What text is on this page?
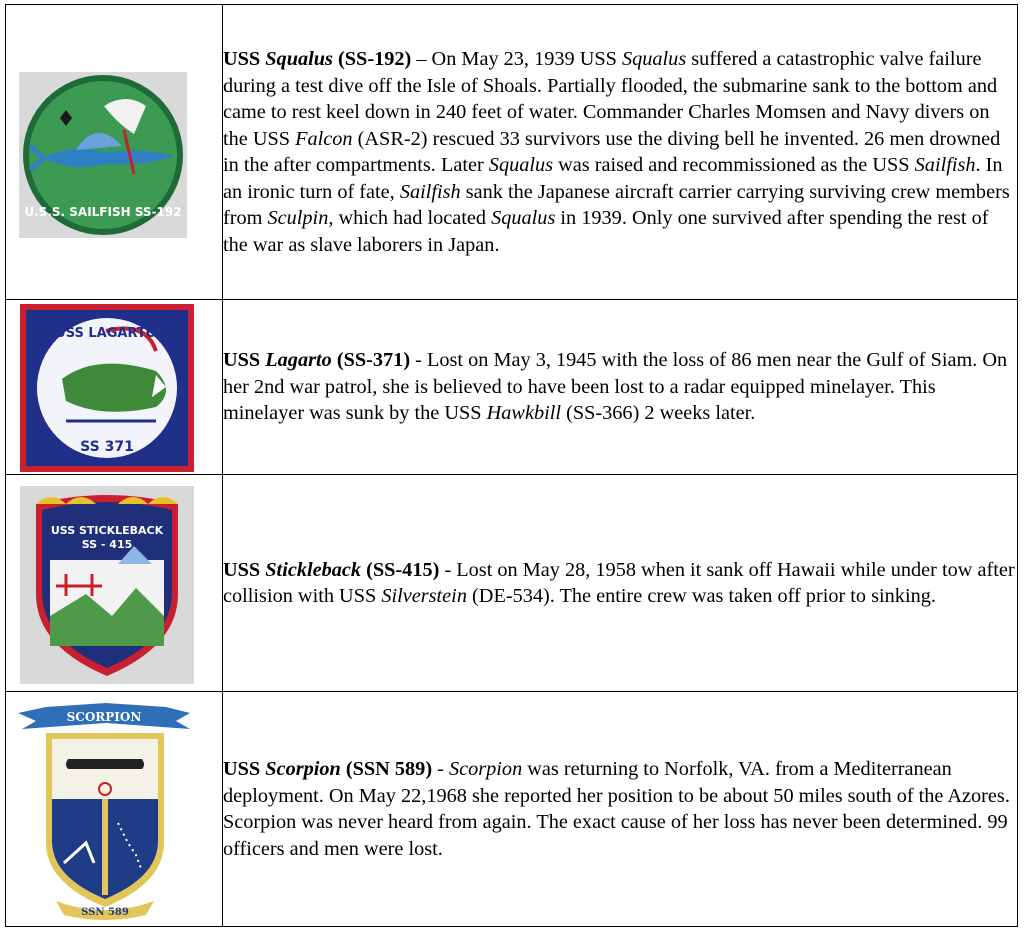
U.S.S. SAILFISH SS-192	USS Squalus (SS-192) – On May 23, 1939 USS Squalus suffered a catastrophic valve failure during a test dive off the Isle of Shoals. Partially flooded, the submarine sank to the bottom and came to rest keel down in 240 feet of water. Commander Charles Momsen and Navy divers on the USS Falcon (ASR-2) rescued 33 survivors use the diving bell he invented. 26 men drowned in the after compartments. Later Squalus was raised and recommissioned as the USS Sailfish. In an ironic turn of fate, Sailfish sank the Japanese aircraft carrier carrying surviving crew members from Sculpin, which had located Squalus in 1939. Only one survived after spending the rest of the war as slave laborers in Japan.

USS LAGARTO
SS 371	USS Lagarto (SS-371) - Lost on May 3, 1945 with the loss of 86 men near the Gulf of Siam. On her 2nd war patrol, she is believed to have been lost to a radar equipped minelayer. This minelayer was sunk by the USS Hawkbill (SS-366) 2 weeks later.

USS STICKLEBACK
SS - 415	USS Stickleback (SS-415) - Lost on May 28, 1958 when it sank off Hawaii while under tow after collision with USS Silverstein (DE-534). The entire crew was taken off prior to sinking.

SCORPION
SSN 589	USS Scorpion (SSN 589) - Scorpion was returning to Norfolk, VA. from a Mediterranean deployment. On May 22,1968 she reported her position to be about 50 miles south of the Azores. Scorpion was never heard from again. The exact cause of her loss has never been determined. 99 officers and men were lost.
